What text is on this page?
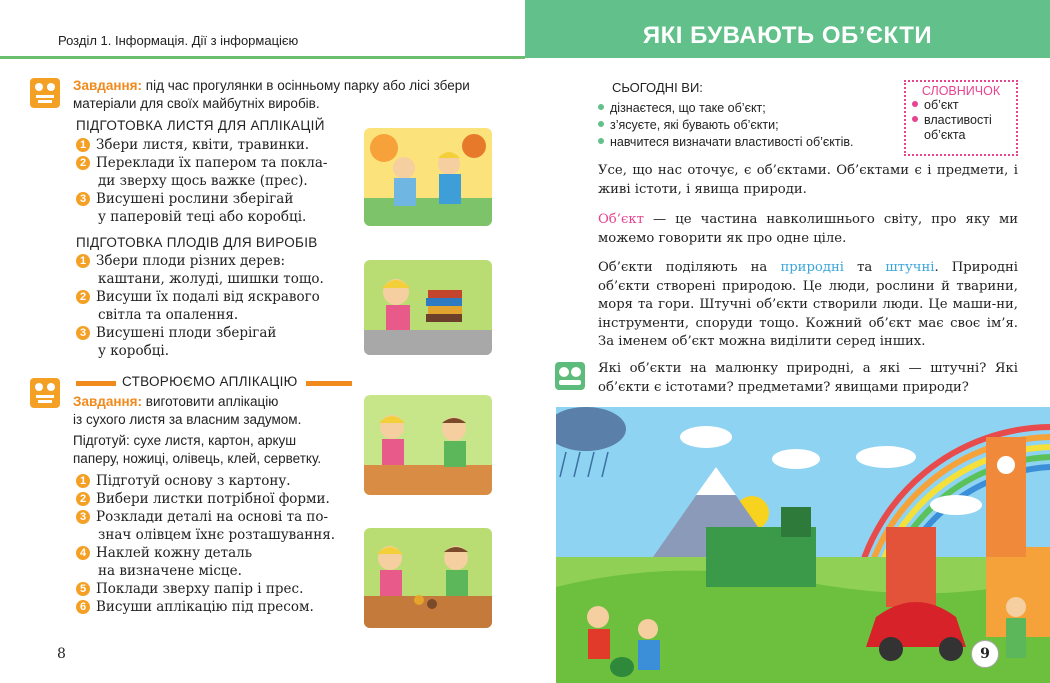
Розділ 1. Інформація. Дії з інформацією	ЯКІ БУВАЮТЬ ОБ’ЄКТИ
Завдання: під час прогулянки в осінньому парку або лісі збери
матеріали для своїх майбутніх виробів.
ПІДГОТОВКА ЛИСТЯ ДЛЯ АПЛІКАЦІЙ
1 Збери листя, квіти, травинки.
2 Переклади їх папером та покла-
ди зверху щось важке (прес).
3 Висушені рослини зберігай
у паперовій теці або коробці.
ПІДГОТОВКА ПЛОДІВ ДЛЯ ВИРОБІВ
1 Збери плоди різних дерев:
каштани, жолуді, шишки тощо.
2 Висуши їх подалі від яскравого
світла та опалення.
3 Висушені плоди зберігай
у коробці.
СТВОРЮЄМО АПЛІКАЦІЮ
Завдання: виготовити аплікацію
із сухого листя за власним задумом.
Підготуй: сухе листя, картон, аркуш
паперу, ножиці, олівець, клей, серветку.
1 Підготуй основу з картону.
2 Вибери листки потрібної форми.
3 Розклади деталі на основі та по-
знач олівцем їхнє розташування.
4 Наклей кожну деталь
на визначене місце.
5 Поклади зверху папір і прес.
6 Висуши аплікацію під пресом.
8
СЬОГОДНІ ВИ:
дізнаєтеся, що таке об’єкт;
з’ясуєте, які бувають об’єкти;
навчитеся визначати властивості об’єктів.
СЛОВНИЧОК
об’єкт
властивості
об’єкта
Усе, що нас оточує, є об’єктами. Об’єктами є і предмети, і живі істоти, і явища природи.
Об’єкт — це частина навколишнього світу, про яку ми можемо говорити як про одне ціле.
Об’єкти поділяють на природні та штучні. Природні об’єкти створені природою. Це люди, рослини й тварини, моря та гори. Штучні об’єкти створили люди. Це маши-ни, інструменти, споруди тощо. Кожний об’єкт має своє ім’я. За іменем об’єкт можна виділити серед інших.
Які об’єкти на малюнку природні, а які — штучні? Які об’єкти є істотами? предметами? явищами природи?
9
